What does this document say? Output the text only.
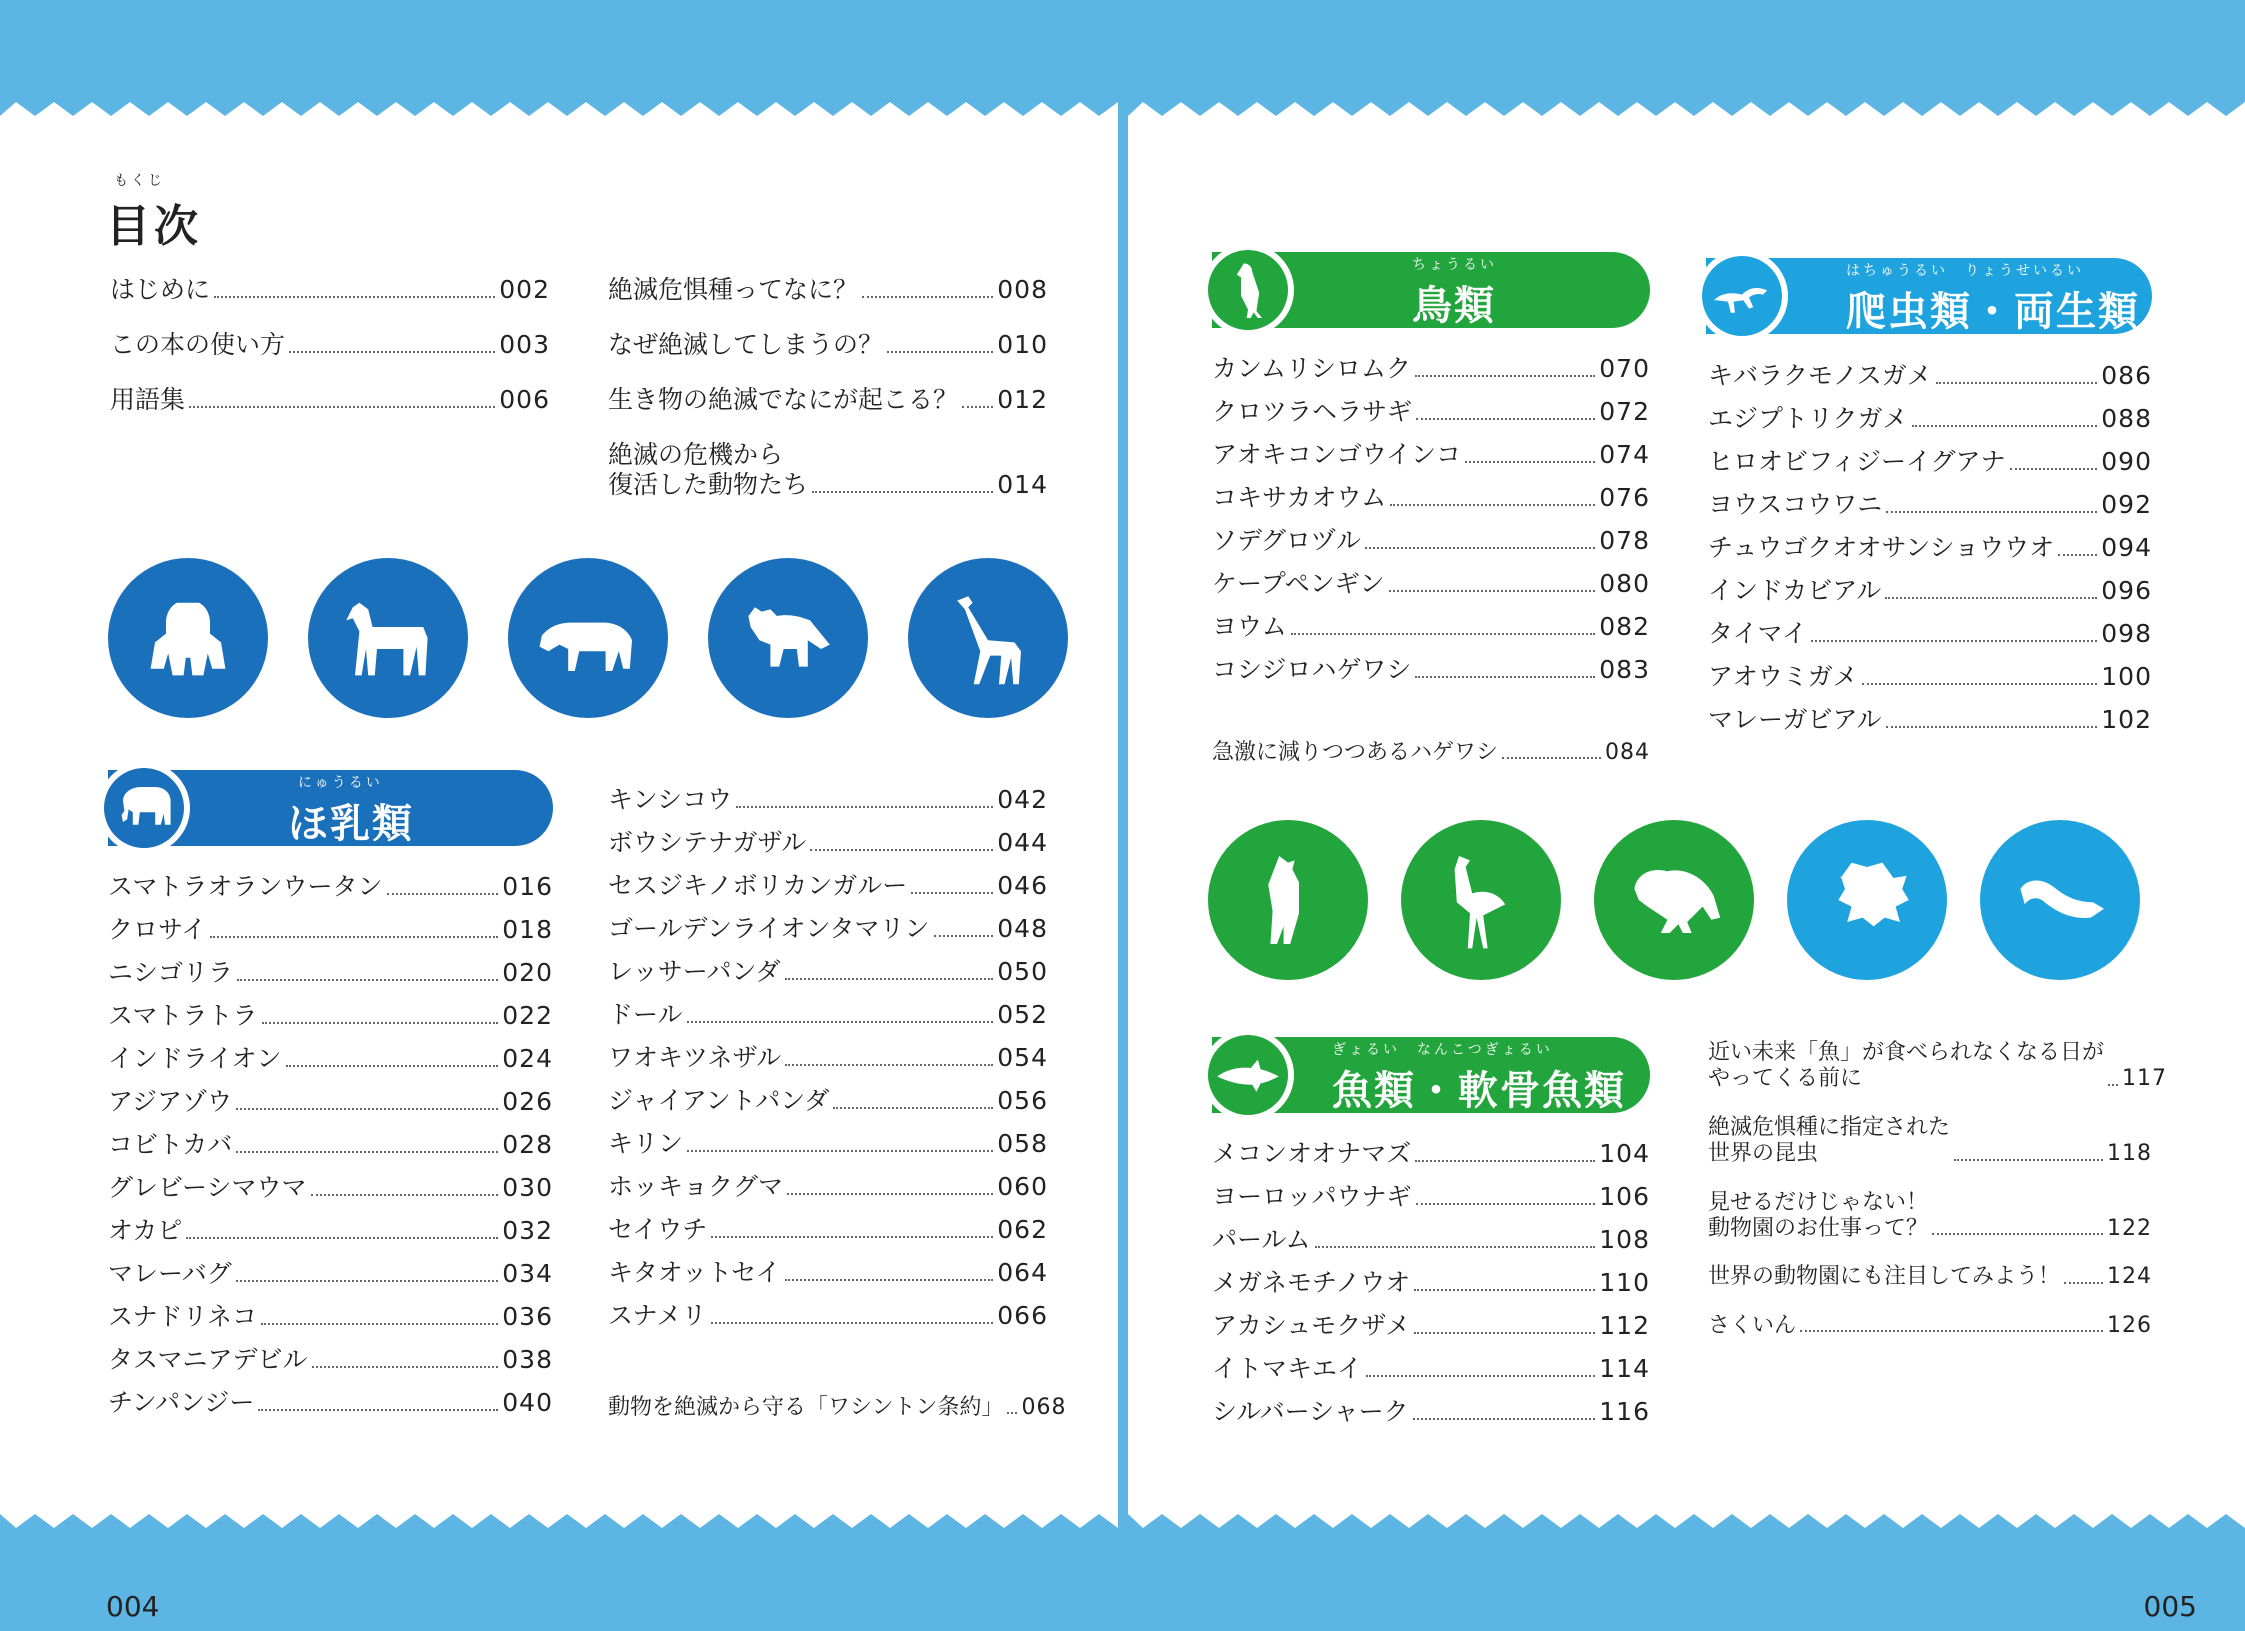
004
もくじ
目次
はじめに	002
この本の使い方	003
用語集	006
絶滅危惧種ってなに？	008
なぜ絶滅してしまうの？	010
生き物の絶滅でなにが起こる？ 012
絶滅の危機から
復活した動物たち	014
にゅうるい
ほ乳類
スマトラオランウータン	016
クロサイ	018
ニシゴリラ	020
スマトラトラ	022
インドライオン	024
アジアゾウ	026
コビトカバ	028
グレビーシマウマ	030
オカピ	032
マレーバグ	034
スナドリネコ	036
タスマニアデビル	038
チンパンジー	040
キンシコウ	042
ボウシテナガザル	044
セスジキノボリカンガルー	046
ゴールデンライオンタマリン	048
レッサーパンダ	050
ドール	052
ワオキツネザル	054
ジャイアントパンダ	056
キリン	058
ホッキョクグマ	060
セイウチ	062
キタオットセイ	064
スナメリ	066
動物を絶滅から守る「ワシントン条約」 068
005
ちょうるい
鳥類
カンムリシロムク	070
クロツラヘラサギ	072
アオキコンゴウインコ	074
コキサカオウム	076
ソデグロヅル	078
ケープペンギン	080
ヨウム	082
コシジロハゲワシ	083
急激に減りつつあるハゲワシ	084
はちゅうるい　りょうせいるい
爬虫類・両生類
キバラクモノスガメ	086
エジプトリクガメ	088
ヒロオビフィジーイグアナ	090
ヨウスコウワニ	092
チュウゴクオオサンショウウオ 094
インドカビアル	096
タイマイ	098
アオウミガメ	100
マレーガビアル	102
ぎょるい　なんこつぎょるい
魚類・軟骨魚類
メコンオオナマズ	104
ヨーロッパウナギ	106
パールム	108
メガネモチノウオ	110
アカシュモクザメ	112
イトマキエイ	114
シルバーシャーク	116
近い未来「魚」が食べられなくなる日が
やってくる前に	117
絶滅危惧種に指定された
世界の昆虫	118
見せるだけじゃない！
動物園のお仕事って？	122
世界の動物園にも注目してみよう！ 124
さくいん	126
